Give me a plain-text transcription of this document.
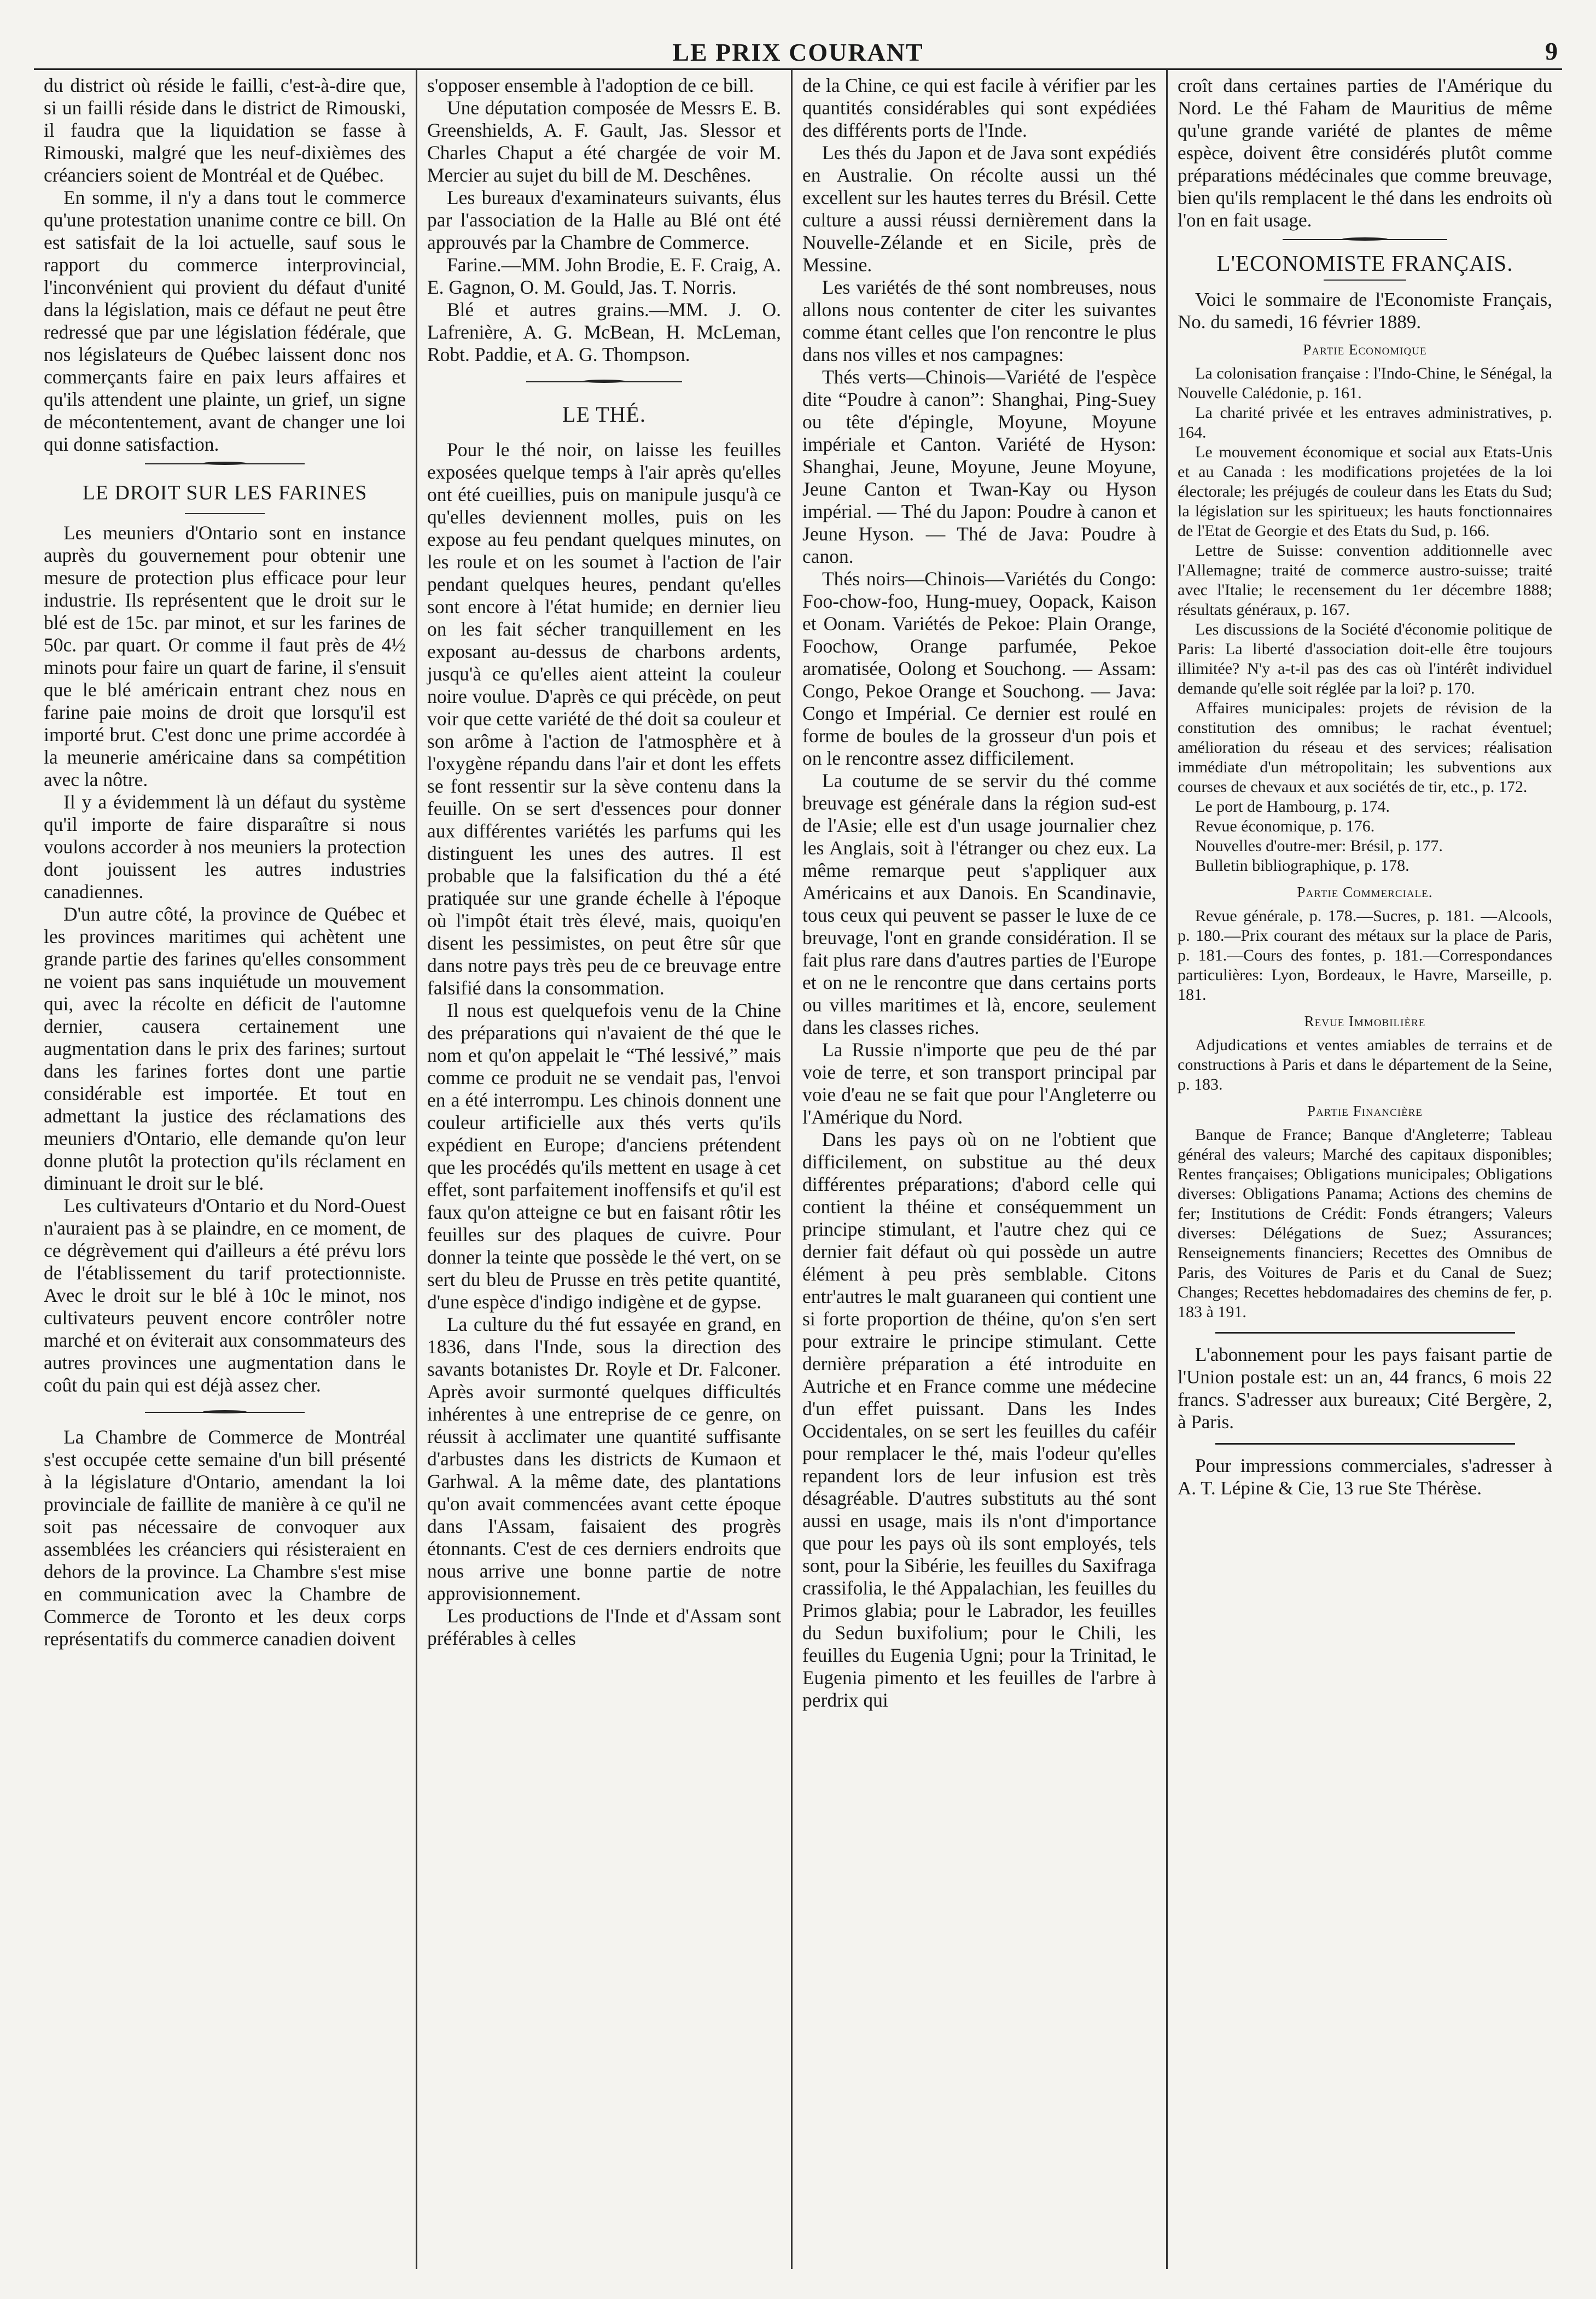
LE PRIX COURANT	9

du district où réside le failli, c'est-à-dire que, si un failli réside dans le district de Rimouski, il faudra que la liquidation se fasse à Rimouski, malgré que les neuf-dixièmes des créanciers soient de Montréal et de Québec.

En somme, il n'y a dans tout le commerce qu'une protestation unanime contre ce bill. On est satisfait de la loi actuelle, sauf sous le rapport du commerce interprovincial, l'inconvénient qui provient du défaut d'unité dans la législation, mais ce défaut ne peut être redressé que par une législation fédérale, que nos législateurs de Québec laissent donc nos commerçants faire en paix leurs affaires et qu'ils attendent une plainte, un grief, un signe de mécontentement, avant de changer une loi qui donne satisfaction.

LE DROIT SUR LES FARINES

Les meuniers d'Ontario sont en instance auprès du gouvernement pour obtenir une mesure de protection plus efficace pour leur industrie. Ils représentent que le droit sur le blé est de 15c. par minot, et sur les farines de 50c. par quart. Or comme il faut près de 4½ minots pour faire un quart de farine, il s'ensuit que le blé américain entrant chez nous en farine paie moins de droit que lorsqu'il est importé brut. C'est donc une prime accordée à la meunerie américaine dans sa compétition avec la nôtre.

Il y a évidemment là un défaut du système qu'il importe de faire disparaître si nous voulons accorder à nos meuniers la protection dont jouissent les autres industries canadiennes.

D'un autre côté, la province de Québec et les provinces maritimes qui achètent une grande partie des farines qu'elles consomment ne voient pas sans inquiétude un mouvement qui, avec la récolte en déficit de l'automne dernier, causera certainement une augmentation dans le prix des farines; surtout dans les farines fortes dont une partie considérable est importée. Et tout en admettant la justice des réclamations des meuniers d'Ontario, elle demande qu'on leur donne plutôt la protection qu'ils réclament en diminuant le droit sur le blé.

Les cultivateurs d'Ontario et du Nord-Ouest n'auraient pas à se plaindre, en ce moment, de ce dégrèvement qui d'ailleurs a été prévu lors de l'établissement du tarif protectionniste. Avec le droit sur le blé à 10c le minot, nos cultivateurs peuvent encore contrôler notre marché et on éviterait aux consommateurs des autres provinces une augmentation dans le coût du pain qui est déjà assez cher.

La Chambre de Commerce de Montréal s'est occupée cette semaine d'un bill présenté à la législature d'Ontario, amendant la loi provinciale de faillite de manière à ce qu'il ne soit pas nécessaire de convoquer aux assemblées les créanciers qui résisteraient en dehors de la province. La Chambre s'est mise en communication avec la Chambre de Commerce de Toronto et les deux corps représentatifs du commerce canadien doivent

s'opposer ensemble à l'adoption de ce bill.

Une députation composée de Messrs E. B. Greenshields, A. F. Gault, Jas. Slessor et Charles Chaput a été chargée de voir M. Mercier au sujet du bill de M. Deschênes.

Les bureaux d'examinateurs suivants, élus par l'association de la Halle au Blé ont été approuvés par la Chambre de Commerce.

Farine.—MM. John Brodie, E. F. Craig, A. E. Gagnon, O. M. Gould, Jas. T. Norris.

Blé et autres grains.—MM. J. O. Lafrenière, A. G. McBean, H. McLeman, Robt. Paddie, et A. G. Thompson.

LE THÉ.

Pour le thé noir, on laisse les feuilles exposées quelque temps à l'air après qu'elles ont été cueillies, puis on manipule jusqu'à ce qu'elles deviennent molles, puis on les expose au feu pendant quelques minutes, on les roule et on les soumet à l'action de l'air pendant quelques heures, pendant qu'elles sont encore à l'état humide; en dernier lieu on les fait sécher tranquillement en les exposant au-dessus de charbons ardents, jusqu'à ce qu'elles aient atteint la couleur noire voulue. D'après ce qui précède, on peut voir que cette variété de thé doit sa couleur et son arôme à l'action de l'atmosphère et à l'oxygène répandu dans l'air et dont les effets se font ressentir sur la sève contenu dans la feuille. On se sert d'essences pour donner aux différentes variétés les parfums qui les distinguent les unes des autres. Il est probable que la falsification du thé a été pratiquée sur une grande échelle à l'époque où l'impôt était très élevé, mais, quoiqu'en disent les pessimistes, on peut être sûr que dans notre pays très peu de ce breuvage entre falsifié dans la consommation.

Il nous est quelquefois venu de la Chine des préparations qui n'avaient de thé que le nom et qu'on appelait le “Thé lessivé,” mais comme ce produit ne se vendait pas, l'envoi en a été interrompu. Les chinois donnent une couleur artificielle aux thés verts qu'ils expédient en Europe; d'anciens prétendent que les procédés qu'ils mettent en usage à cet effet, sont parfaitement inoffensifs et qu'il est faux qu'on atteigne ce but en faisant rôtir les feuilles sur des plaques de cuivre. Pour donner la teinte que possède le thé vert, on se sert du bleu de Prusse en très petite quantité, d'une espèce d'indigo indigène et de gypse.

La culture du thé fut essayée en grand, en 1836, dans l'Inde, sous la direction des savants botanistes Dr. Royle et Dr. Falconer. Après avoir surmonté quelques difficultés inhérentes à une entreprise de ce genre, on réussit à acclimater une quantité suffisante d'arbustes dans les districts de Kumaon et Garhwal. A la même date, des plantations qu'on avait commencées avant cette époque dans l'Assam, faisaient des progrès étonnants. C'est de ces derniers endroits que nous arrive une bonne partie de notre approvisionnement.

Les productions de l'Inde et d'Assam sont préférables à celles

de la Chine, ce qui est facile à vérifier par les quantités considérables qui sont expédiées des différents ports de l'Inde.

Les thés du Japon et de Java sont expédiés en Australie. On récolte aussi un thé excellent sur les hautes terres du Brésil. Cette culture a aussi réussi dernièrement dans la Nouvelle-Zélande et en Sicile, près de Messine.

Les variétés de thé sont nombreuses, nous allons nous contenter de citer les suivantes comme étant celles que l'on rencontre le plus dans nos villes et nos campagnes:

Thés verts—Chinois—Variété de l'espèce dite “Poudre à canon”: Shanghai, Ping-Suey ou tête d'épingle, Moyune, Moyune impériale et Canton. Variété de Hyson: Shanghai, Jeune, Moyune, Jeune Moyune, Jeune Canton et Twan-Kay ou Hyson impérial. — Thé du Japon: Poudre à canon et Jeune Hyson. — Thé de Java: Poudre à canon.

Thés noirs—Chinois—Variétés du Congo: Foo-chow-foo, Hung-muey, Oopack, Kaison et Oonam. Variétés de Pekoe: Plain Orange, Foochow, Orange parfumée, Pekoe aromatisée, Oolong et Souchong. — Assam: Congo, Pekoe Orange et Souchong. — Java: Congo et Impérial. Ce dernier est roulé en forme de boules de la grosseur d'un pois et on le rencontre assez difficilement.

La coutume de se servir du thé comme breuvage est générale dans la région sud-est de l'Asie; elle est d'un usage journalier chez les Anglais, soit à l'étranger ou chez eux. La même remarque peut s'appliquer aux Américains et aux Danois. En Scandinavie, tous ceux qui peuvent se passer le luxe de ce breuvage, l'ont en grande considération. Il se fait plus rare dans d'autres parties de l'Europe et on ne le rencontre que dans certains ports ou villes maritimes et là, encore, seulement dans les classes riches.

La Russie n'importe que peu de thé par voie de terre, et son transport principal par voie d'eau ne se fait que pour l'Angleterre ou l'Amérique du Nord.

Dans les pays où on ne l'obtient que difficilement, on substitue au thé deux différentes préparations; d'abord celle qui contient la théine et conséquemment un principe stimulant, et l'autre chez qui ce dernier fait défaut où qui possède un autre élément à peu près semblable. Citons entr'autres le malt guaraneen qui contient une si forte proportion de théine, qu'on s'en sert pour extraire le principe stimulant. Cette dernière préparation a été introduite en Autriche et en France comme une médecine d'un effet puissant. Dans les Indes Occidentales, on se sert les feuilles du caféir pour remplacer le thé, mais l'odeur qu'elles repandent lors de leur infusion est très désagréable. D'autres substituts au thé sont aussi en usage, mais ils n'ont d'importance que pour les pays où ils sont employés, tels sont, pour la Sibérie, les feuilles du Saxifraga crassifolia, le thé Appalachian, les feuilles du Primos glabia; pour le Labrador, les feuilles du Sedun buxifolium; pour le Chili, les feuilles du Eugenia Ugni; pour la Trinitad, le Eugenia pimento et les feuilles de l'arbre à perdrix qui

croît dans certaines parties de l'Amérique du Nord. Le thé Faham de Mauritius de même qu'une grande variété de plantes de même espèce, doivent être considérés plutôt comme préparations médécinales que comme breuvage, bien qu'ils remplacent le thé dans les endroits où l'on en fait usage.

L'ECONOMISTE FRANÇAIS.

Voici le sommaire de l'Economiste Français, No. du samedi, 16 février 1889.

Partie Economique

La colonisation française : l'Indo-Chine, le Sénégal, la Nouvelle Calédonie, p. 161.

La charité privée et les entraves administratives, p. 164.

Le mouvement économique et social aux Etats-Unis et au Canada : les modifications projetées de la loi électorale; les préjugés de couleur dans les Etats du Sud; la législation sur les spiritueux; les hauts fonctionnaires de l'Etat de Georgie et des Etats du Sud, p. 166.

Lettre de Suisse: convention additionnelle avec l'Allemagne; traité de commerce austro-suisse; traité avec l'Italie; le recensement du 1er décembre 1888; résultats généraux, p. 167.

Les discussions de la Société d'économie politique de Paris: La liberté d'association doit-elle être toujours illimitée? N'y a-t-il pas des cas où l'intérêt individuel demande qu'elle soit réglée par la loi? p. 170.

Affaires municipales: projets de révision de la constitution des omnibus; le rachat éventuel; amélioration du réseau et des services; réalisation immédiate d'un métropolitain; les subventions aux courses de chevaux et aux sociétés de tir, etc., p. 172.

Le port de Hambourg, p. 174.

Revue économique, p. 176.

Nouvelles d'outre-mer: Brésil, p. 177.

Bulletin bibliographique, p. 178.

Partie Commerciale.

Revue générale, p. 178.—Sucres, p. 181. —Alcools, p. 180.—Prix courant des métaux sur la place de Paris, p. 181.—Cours des fontes, p. 181.—Correspondances particulières: Lyon, Bordeaux, le Havre, Marseille, p. 181.

Revue Immobilière

Adjudications et ventes amiables de terrains et de constructions à Paris et dans le département de la Seine, p. 183.

Partie Financière

Banque de France; Banque d'Angleterre; Tableau général des valeurs; Marché des capitaux disponibles; Rentes françaises; Obligations municipales; Obligations diverses: Obligations Panama; Actions des chemins de fer; Institutions de Crédit: Fonds étrangers; Valeurs diverses: Délégations de Suez; Assurances; Renseignements financiers; Recettes des Omnibus de Paris, des Voitures de Paris et du Canal de Suez; Changes; Recettes hebdomadaires des chemins de fer, p. 183 à 191.

L'abonnement pour les pays faisant partie de l'Union postale est: un an, 44 francs, 6 mois 22 francs. S'adresser aux bureaux; Cité Bergère, 2, à Paris.

Pour impressions commerciales, s'adresser à A. T. Lépine & Cie, 13 rue Ste Thérèse.
